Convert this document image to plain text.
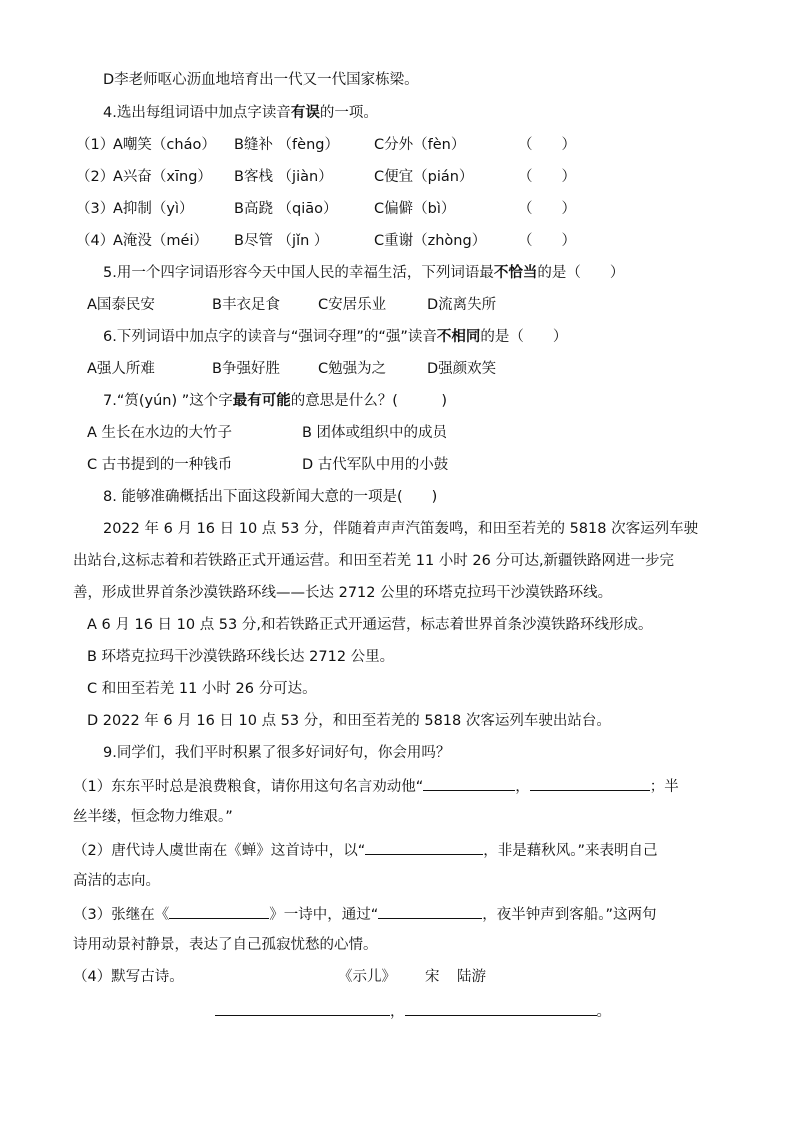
D李老师呕心沥血地培育出一代又一代国家栋梁。
4.选出每组词语中加点字读音有误的一项。
（1）
A嘲笑（cháo） B缝补 （fèng） C分外（fèn）	（　　）
（2）
A兴奋（xīng） B客栈 （jiàn）	C便宜（pián）	（　　）
（3）
A抑制（yì）	B高跷 （qiāo）	C偏僻（bì）	（　　）
（4）
A淹没（méi） B尽管 （jǐn ）	C重谢（zhòng） （　　）
5.用一个四字词语形容今天中国人民的幸福生活，下列词语最不恰当的是（　　）
A国泰民安	B丰衣足食	C安居乐业	D流离失所
6.下列词语中加点字的读音与“强词夺理”的“强”读音不相同的是（　　）
A强人所难	B争强好胜	C勉强为之	D强颜欢笑
7.“筼(yún) ”这个字最有可能的意思是什么？(　　　)
A 生长在水边的大竹子	B 团体或组织中的成员
C 古书提到的一种钱币	D 古代军队中用的小鼓
8. 能够准确概括出下面这段新闻大意的一项是(　　)
2022 年 6 月 16 日 10 点 53 分，伴随着声声汽笛轰鸣，和田至若羌的 5818 次客运列车驶
出站台,这标志着和若铁路正式开通运营。和田至若羌 11 小时 26 分可达,新疆铁路网进一步完
善，形成世界首条沙漠铁路环线——长达 2712 公里的环塔克拉玛干沙漠铁路环线。
A 6 月 16 日 10 点 53 分,和若铁路正式开通运营，标志着世界首条沙漠铁路环线形成。
B 环塔克拉玛干沙漠铁路环线长达 2712 公里。
C 和田至若羌 11 小时 26 分可达。
D 2022 年 6 月 16 日 10 点 53 分，和田至若羌的 5818 次客运列车驶出站台。
9.同学们，我们平时积累了很多好词好句，你会用吗？
（1）东东平时总是浪费粮食，请你用这句名言劝动他“	，	；半
丝半缕，恒念物力维艰。”
（2）唐代诗人虞世南在《蝉》这首诗中，以“	，非是藉秋风。”来表明自己
高洁的志向。
（3）张继在《	》一诗中，通过“	，夜半钟声到客船。”这两句
诗用动景衬静景，表达了自己孤寂忧愁的心情。
（4）默写古诗。	《示儿》 宋 陆游
，	。
